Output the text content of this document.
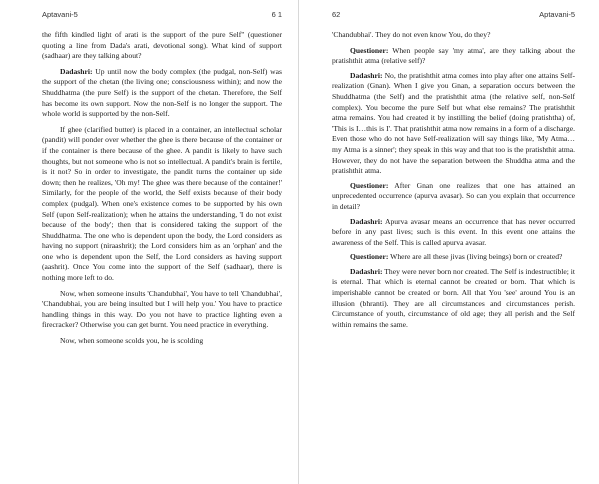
Aptavani-5	6 1

the fifth kindled light of arati is the support of the pure Self" (questioner quoting a line from Dada's arati, devotional song). What kind of support (sadhaar) are they talking about?

Dadashri: Up until now the body complex (the pudgal, non-Self) was the support of the chetan (the living one; consciousness within); and now the Shuddhatma (the pure Self) is the support of the chetan. Therefore, the Self has become its own support. Now the non-Self is no longer the support. The whole world is supported by the non-Self.

If ghee (clarified butter) is placed in a container, an intellectual scholar (pandit) will ponder over whether the ghee is there because of the container or if the container is there because of the ghee. A pandit is likely to have such thoughts, but not someone who is not so intellectual. A pandit's brain is fertile, is it not? So in order to investigate, the pandit turns the container up side down; then he realizes, 'Oh my! The ghee was there because of the container!' Similarly, for the people of the world, the Self exists because of their body complex (pudgal). When one's existence comes to be supported by his own Self (upon Self-realization); when he attains the understanding, 'I do not exist because of the body'; then that is considered taking the support of the Shuddhatma. The one who is dependent upon the body, the Lord considers as having no support (niraashrit); the Lord considers him as an 'orphan' and the one who is dependent upon the Self, the Lord considers as having support (aashrit). Once You come into the support of the Self (sadhaar), there is nothing more left to do.

Now, when someone insults 'Chandubhai', You have to tell 'Chandubhai', 'Chandubhai, you are being insulted but I will help you.' You have to practice handling things in this way. Do you not have to practice lighting even a firecracker? Otherwise you can get burnt. You need practice in everything.

Now, when someone scolds you, he is scolding

62	Aptavani-5

'Chandubhai'. They do not even know You, do they?

Questioner: When people say 'my atma', are they talking about the pratishthit atma (relative self)?

Dadashri: No, the pratishthit atma comes into play after one attains Self-realization (Gnan). When I give you Gnan, a separation occurs between the Shuddhatma (the Self) and the pratishthit atma (the relative self, non-Self complex). You become the pure Self but what else remains? The pratishthit atma remains. You had created it by instilling the belief (doing pratishtha) of, 'This is I…this is I'. That pratishthit atma now remains in a form of a discharge. Even those who do not have Self-realization will say things like, 'My Atma…my Atma is a sinner'; they speak in this way and that too is the pratishthit atma. However, they do not have the separation between the Shuddha atma and the pratishthit atma.

Questioner: After Gnan one realizes that one has attained an unprecedented occurrence (apurva avasar). So can you explain that occurrence in detail?

Dadashri: Apurva avasar means an occurrence that has never occurred before in any past lives; such is this event. In this event one attains the awareness of the Self. This is called apurva avasar.

Questioner: Where are all these jivas (living beings) born or created?

Dadashri: They were never born nor created. The Self is indestructible; it is eternal. That which is eternal cannot be created or born. That which is imperishable cannot be created or born. All that You 'see' around You is an illusion (bhranti). They are all circumstances and circumstances perish. Circumstance of youth, circumstance of old age; they all perish and the Self within remains the same.
